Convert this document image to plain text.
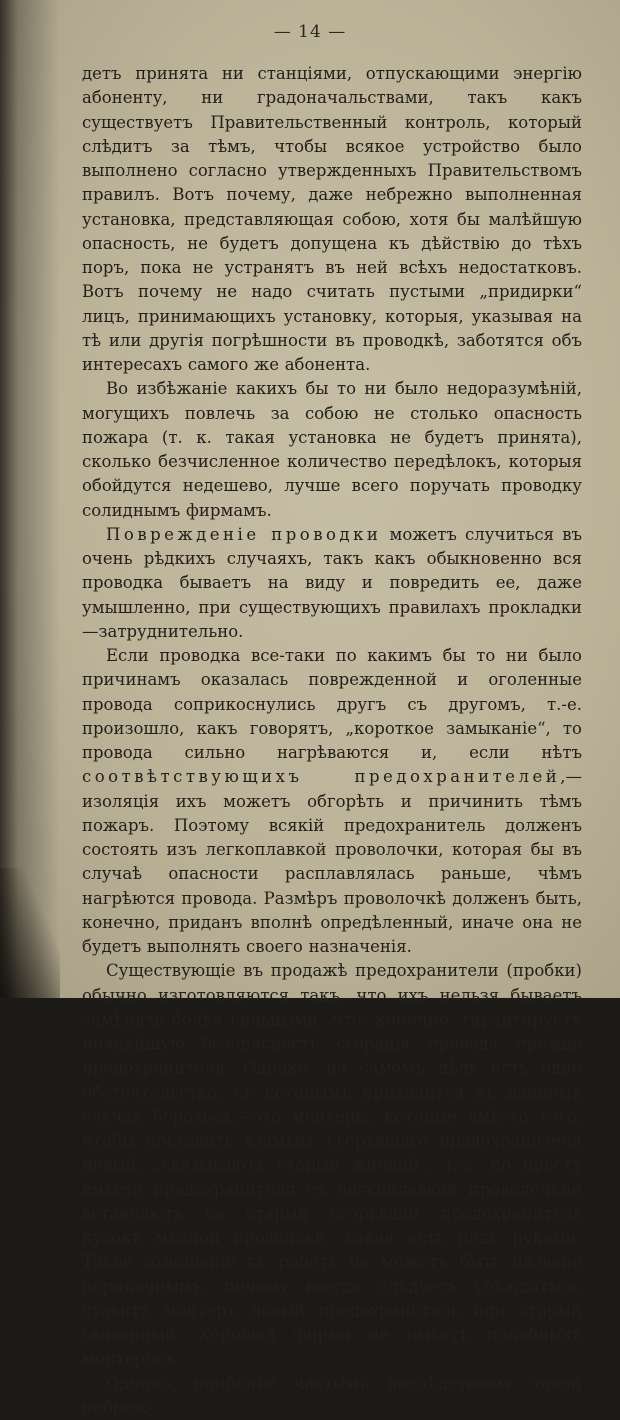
— 14 —

детъ принята ни станціями, отпускающими энергію абоненту, ни градоначальствами, такъ какъ существуетъ Правительственный контроль, который слѣдитъ за тѣмъ, чтобы всякое устройство было выполнено согласно утвержденныхъ Правительствомъ правилъ. Вотъ почему, даже небрежно выполненная установка, представляющая собою, хотя бы малѣйшую опасность, не будетъ допущена къ дѣйствію до тѣхъ поръ, пока не устранятъ въ ней всѣхъ недостатковъ. Вотъ почему не надо считать пустыми „придирки“ лицъ, принимающихъ установку, которыя, указывая на тѣ или другія погрѣшности въ проводкѣ, заботятся объ интересахъ самого же абонента.

Во избѣжаніе какихъ бы то ни было недоразумѣній, могущихъ повлечь за собою не столько опасность пожара (т. к. такая установка не будетъ принята), сколько безчисленное количество передѣлокъ, которыя обойдутся недешево, лучше всего поручать проводку солиднымъ фирмамъ.

Поврежденіе проводки можетъ случиться въ очень рѣдкихъ случаяхъ, такъ какъ обыкновенно вся проводка бываетъ на виду и повредить ее, даже умышленно, при существующихъ правилахъ прокладки—затруднительно.

Если проводка все-таки по какимъ бы то ни было причинамъ оказалась поврежденной и оголенные провода соприкоснулись другъ съ другомъ, т.-е. произошло, какъ говорятъ, „короткое замыканіе“, то провода сильно нагрѣваются и, если нѣтъ соотвѣтствующихъ предохранителей,—изоляція ихъ можетъ обгорѣть и причинить тѣмъ пожаръ. Поэтому всякій предохранитель долженъ состоять изъ легкоплавкой проволочки, которая бы въ случаѣ опасности расплавлялась раньше, чѣмъ нагрѣются провода. Размѣръ проволочкѣ долженъ быть, конечно, приданъ вполнѣ опредѣленный, иначе она не будетъ выполнять своего назначенія.

Существующіе въ продажѣ предохранители (пробки) обычно изготовляются такъ, что ихъ нельзя бываетъ замѣнять болѣе сильными, что, конечно, гарантируетъ полнѣйшую безопасность сгоранія провода прежде предохранителя. Однако, на самомъ дѣлѣ есть одно обстоятельство, съ которымъ приходится въ данномъ случаѣ бороться,—это монтеры, которые вмѣсто того, чтобы поставить взамѣнъ сгорѣвшаго предохранителя новый, „связываютъ старый жилкой“, т.-е. по просту вмѣсто предохранителя съ легкоплавкой проволочкой вставляютъ въ старый сгорѣвшій предохранитель кусокъ мѣдной проволоки, какая есть подъ руками. Такое отношеніе къ работѣ не можетъ быть названо порядочнымъ, почему всегда слѣдуетъ убѣждаться, ставитъ монтеръ новый предохранитель или старый связанный. Хорошая фирма не имѣетъ подобныхъ монтеровъ.

Однако, наиболѣе частымъ послѣдствіемъ такой небреж-
